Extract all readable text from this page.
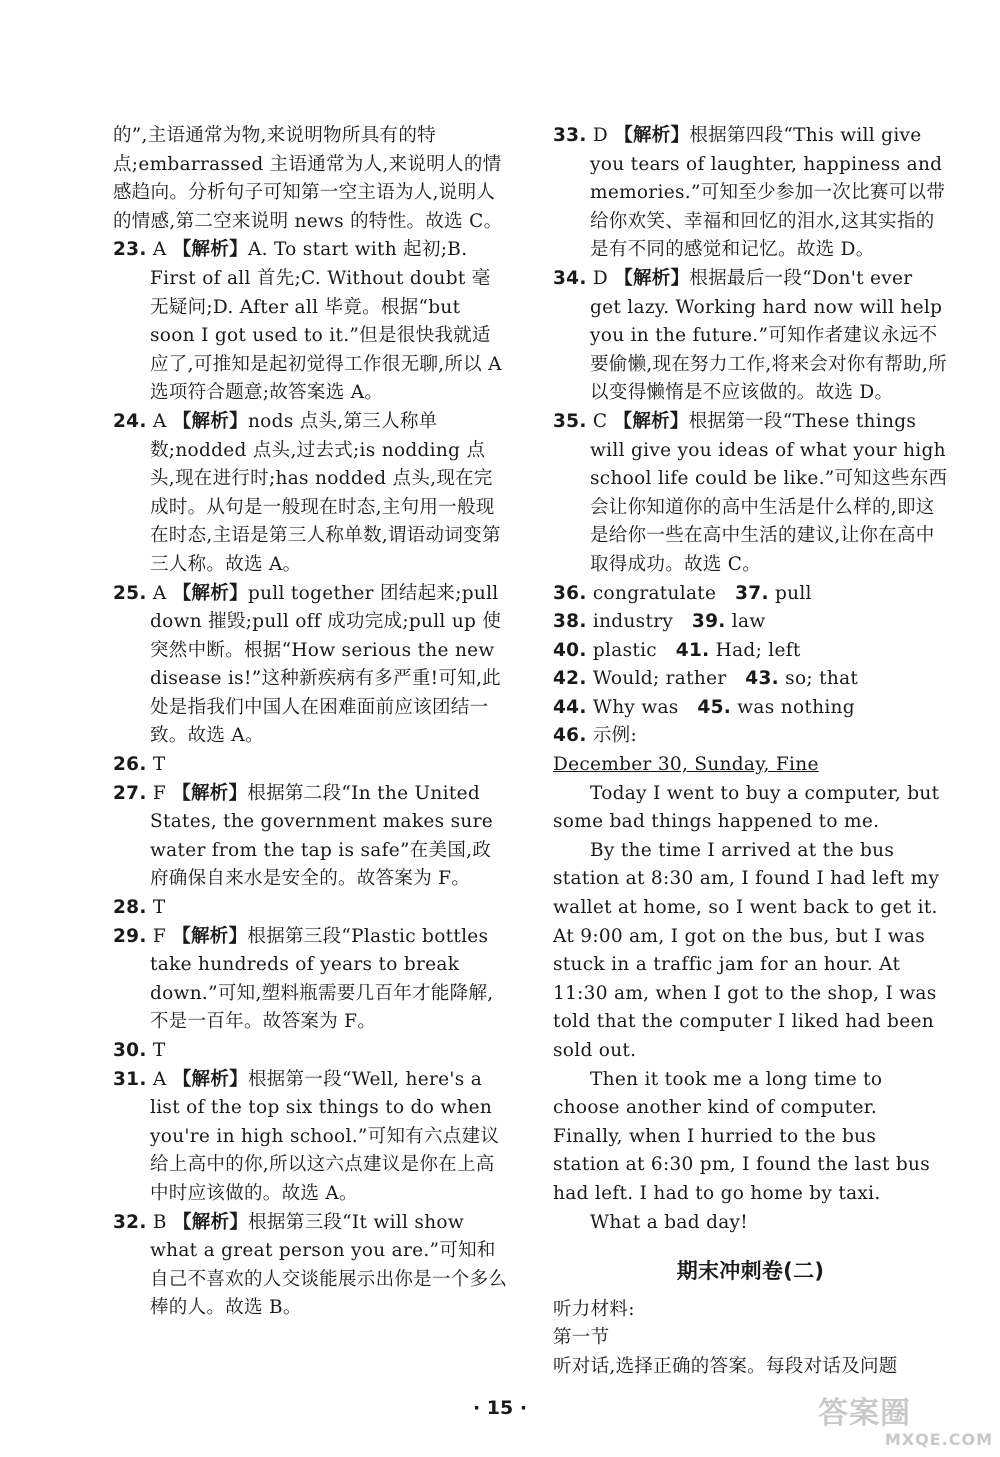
的”,主语通常为物,来说明物所具有的特点;embarrassed 主语通常为人,来说明人的情感趋向。分析句子可知第一空主语为人,说明人的情感,第二空来说明 news 的特性。故选 C。

23. A 【解析】A. To start with 起初;B. First of all 首先;C. Without doubt 毫无疑问;D. After all 毕竟。根据“but soon I got used to it.”但是很快我就适应了,可推知是起初觉得工作很无聊,所以 A 选项符合题意;故答案选 A。

24. A 【解析】nods 点头,第三人称单数;nodded 点头,过去式;is nodding 点头,现在进行时;has nodded 点头,现在完成时。从句是一般现在时态,主句用一般现在时态,主语是第三人称单数,谓语动词变第三人称。故选 A。

25. A 【解析】pull together 团结起来;pull down 摧毁;pull off 成功完成;pull up 使突然中断。根据“How serious the new disease is!”这种新疾病有多严重!可知,此处是指我们中国人在困难面前应该团结一致。故选 A。

26. T

27. F 【解析】根据第二段“In the United States, the government makes sure water from the tap is safe”在美国,政府确保自来水是安全的。故答案为 F。

28. T

29. F 【解析】根据第三段“Plastic bottles take hundreds of years to break down.”可知,塑料瓶需要几百年才能降解,不是一百年。故答案为 F。

30. T

31. A 【解析】根据第一段“Well, here's a list of the top six things to do when you're in high school.”可知有六点建议给上高中的你,所以这六点建议是你在上高中时应该做的。故选 A。

32. B 【解析】根据第三段“It will show what a great person you are.”可知和自己不喜欢的人交谈能展示出你是一个多么棒的人。故选 B。

33. D 【解析】根据第四段“This will give you tears of laughter, happiness and memories.”可知至少参加一次比赛可以带给你欢笑、幸福和回忆的泪水,这其实指的是有不同的感觉和记忆。故选 D。

34. D 【解析】根据最后一段“Don't ever get lazy. Working hard now will help you in the future.”可知作者建议永远不要偷懒,现在努力工作,将来会对你有帮助,所以变得懒惰是不应该做的。故选 D。

35. C 【解析】根据第一段“These things will give you ideas of what your high school life could be like.”可知这些东西会让你知道你的高中生活是什么样的,即这是给你一些在高中生活的建议,让你在高中取得成功。故选 C。

36. congratulate  37. pull

38. industry  39. law

40. plastic  41. Had; left

42. Would; rather  43. so; that

44. Why was  45. was nothing

46. 示例:

December 30, Sunday, Fine

Today I went to buy a computer, but some bad things happened to me.

By the time I arrived at the bus station at 8:30 am, I found I had left my wallet at home, so I went back to get it. At 9:00 am, I got on the bus, but I was stuck in a traffic jam for an hour. At 11:30 am, when I got to the shop, I was told that the computer I liked had been sold out.

Then it took me a long time to choose another kind of computer. Finally, when I hurried to the bus station at 6:30 pm, I found the last bus had left. I had to go home by taxi.

What a bad day!

期末冲刺卷(二)

听力材料:

第一节

听对话,选择正确的答案。每段对话及问题

· 15 ·	答案圈
MXQE.COM
